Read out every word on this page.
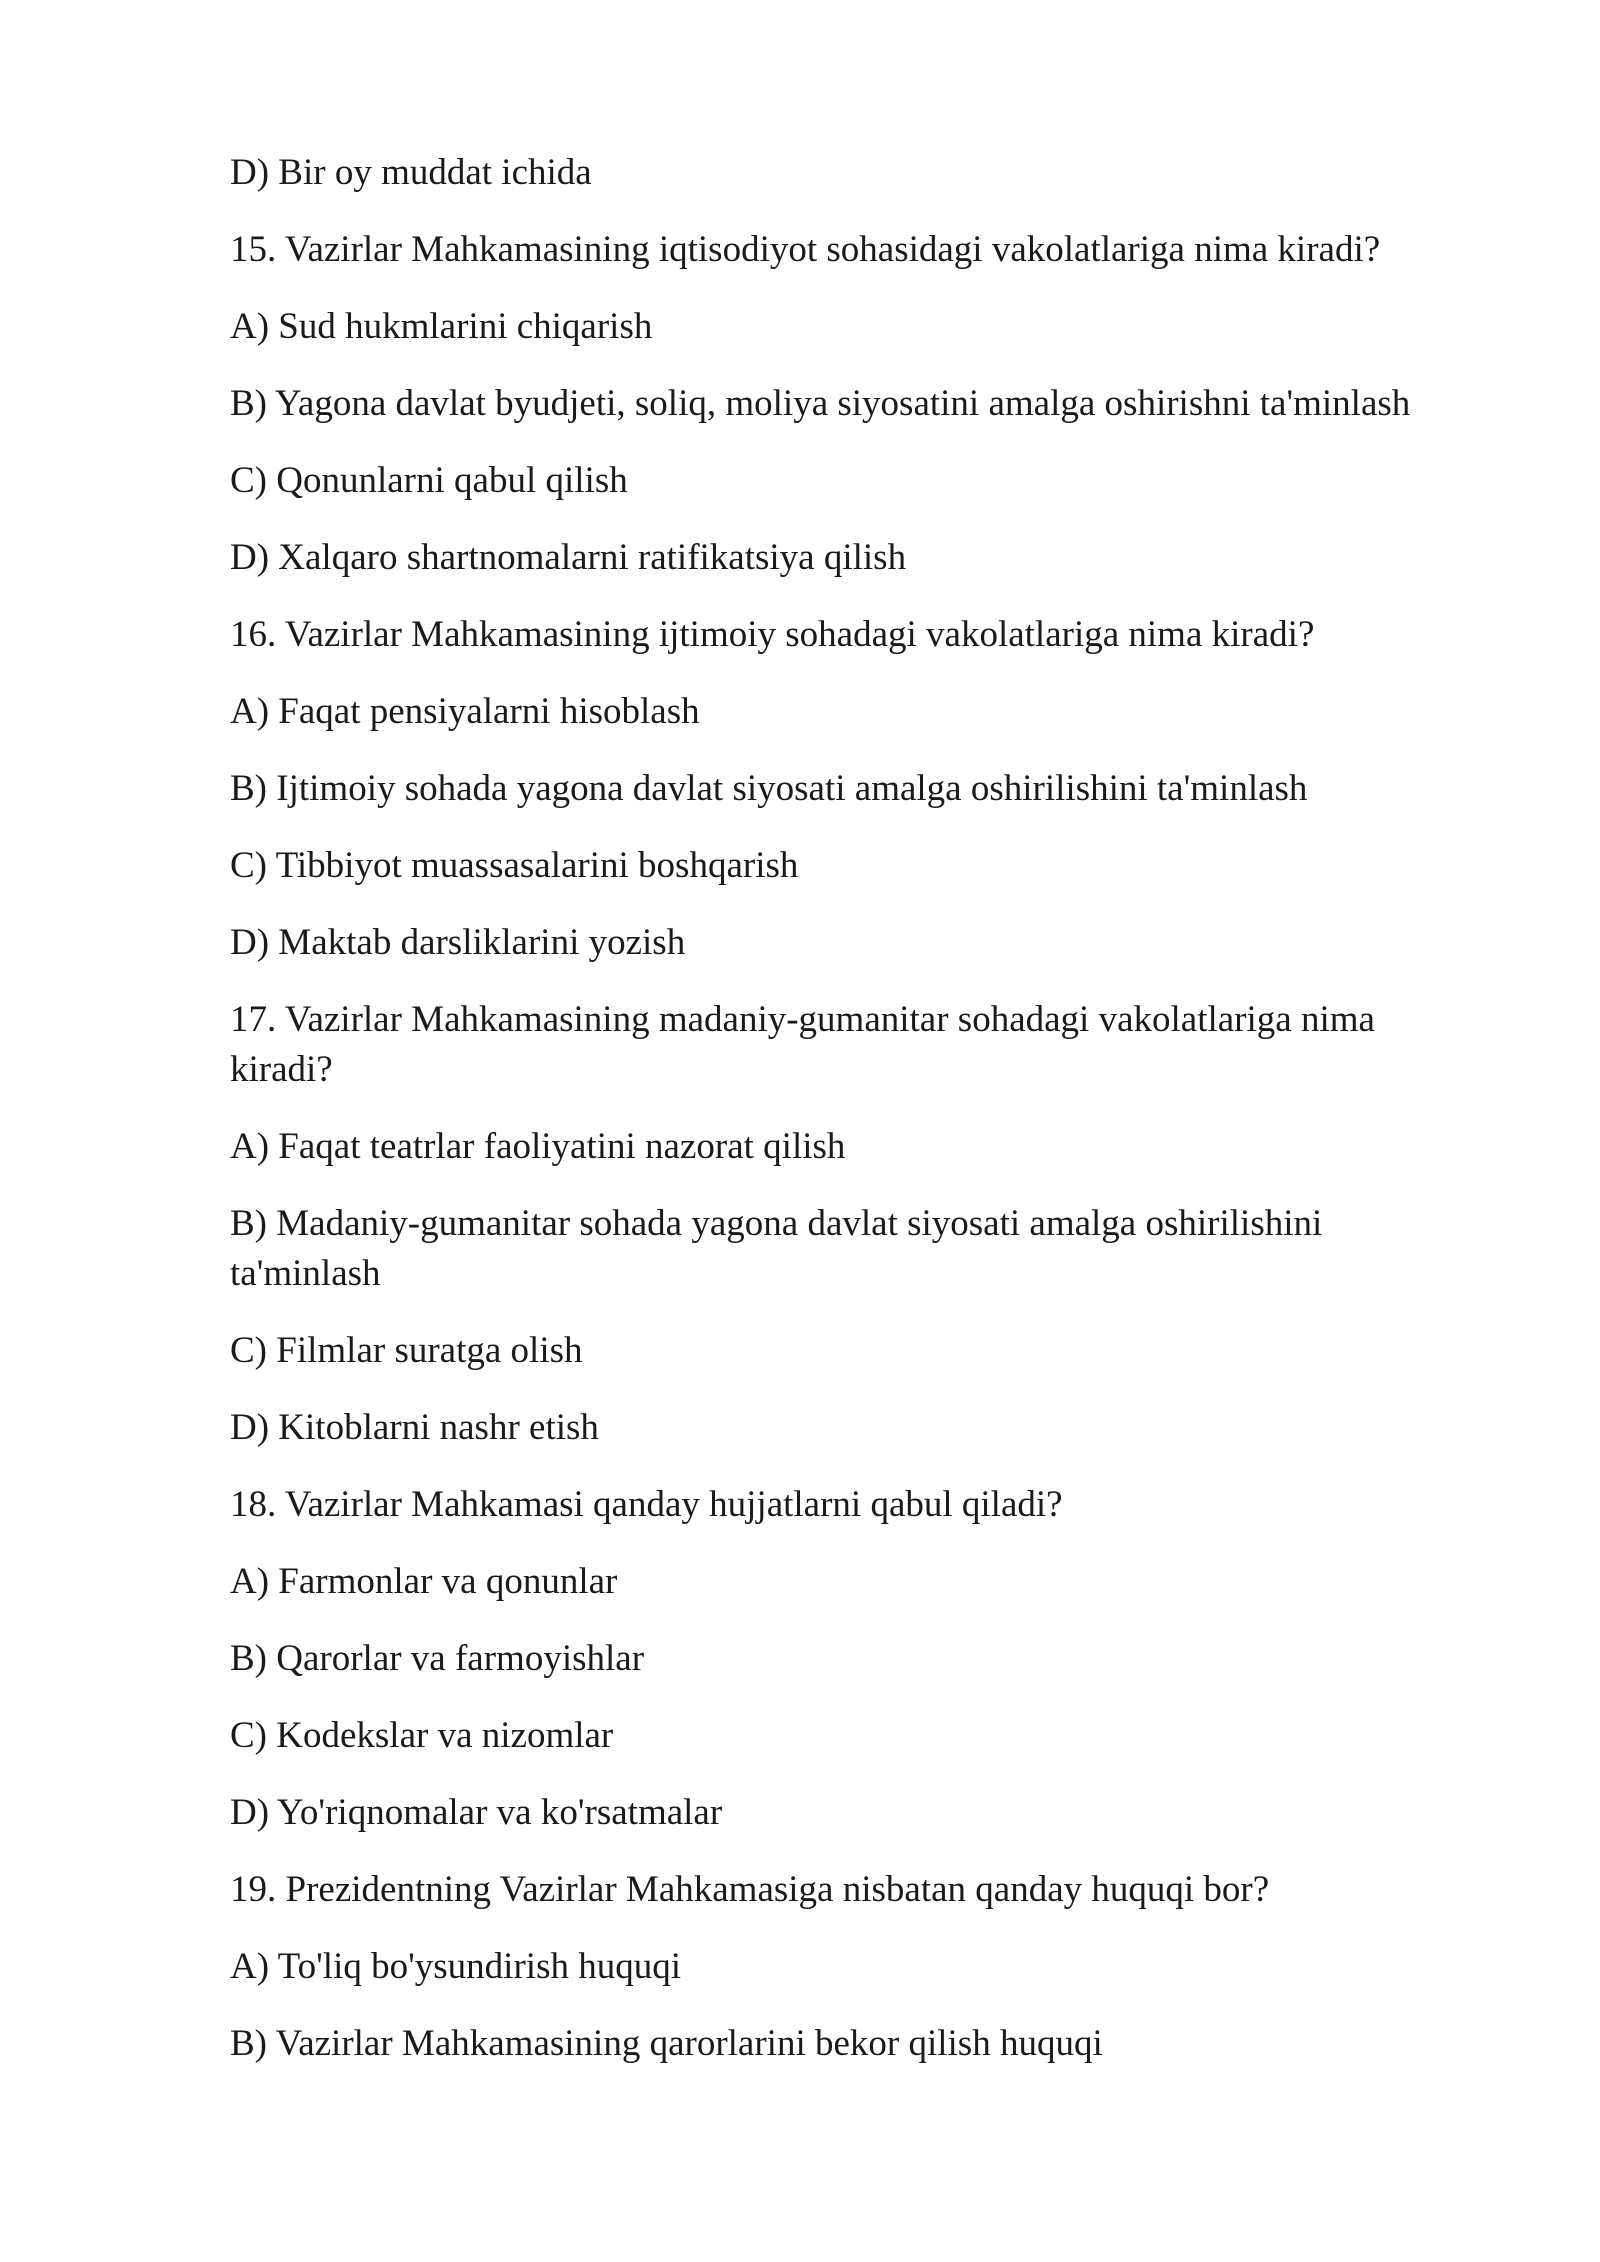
D) Bir oy muddat ichida

15. Vazirlar Mahkamasining iqtisodiyot sohasidagi vakolatlariga nima kiradi?

A) Sud hukmlarini chiqarish

B) Yagona davlat byudjeti, soliq, moliya siyosatini amalga oshirishni ta'minlash

C) Qonunlarni qabul qilish

D) Xalqaro shartnomalarni ratifikatsiya qilish

16. Vazirlar Mahkamasining ijtimoiy sohadagi vakolatlariga nima kiradi?

A) Faqat pensiyalarni hisoblash

B) Ijtimoiy sohada yagona davlat siyosati amalga oshirilishini ta'minlash

C) Tibbiyot muassasalarini boshqarish

D) Maktab darsliklarini yozish

17. Vazirlar Mahkamasining madaniy-gumanitar sohadagi vakolatlariga nima kiradi?

A) Faqat teatrlar faoliyatini nazorat qilish

B) Madaniy-gumanitar sohada yagona davlat siyosati amalga oshirilishini ta'minlash

C) Filmlar suratga olish

D) Kitoblarni nashr etish

18. Vazirlar Mahkamasi qanday hujjatlarni qabul qiladi?

A) Farmonlar va qonunlar

B) Qarorlar va farmoyishlar

C) Kodekslar va nizomlar

D) Yo'riqnomalar va ko'rsatmalar

19. Prezidentning Vazirlar Mahkamasiga nisbatan qanday huquqi bor?

A) To'liq bo'ysundirish huquqi

B) Vazirlar Mahkamasining qarorlarini bekor qilish huquqi
